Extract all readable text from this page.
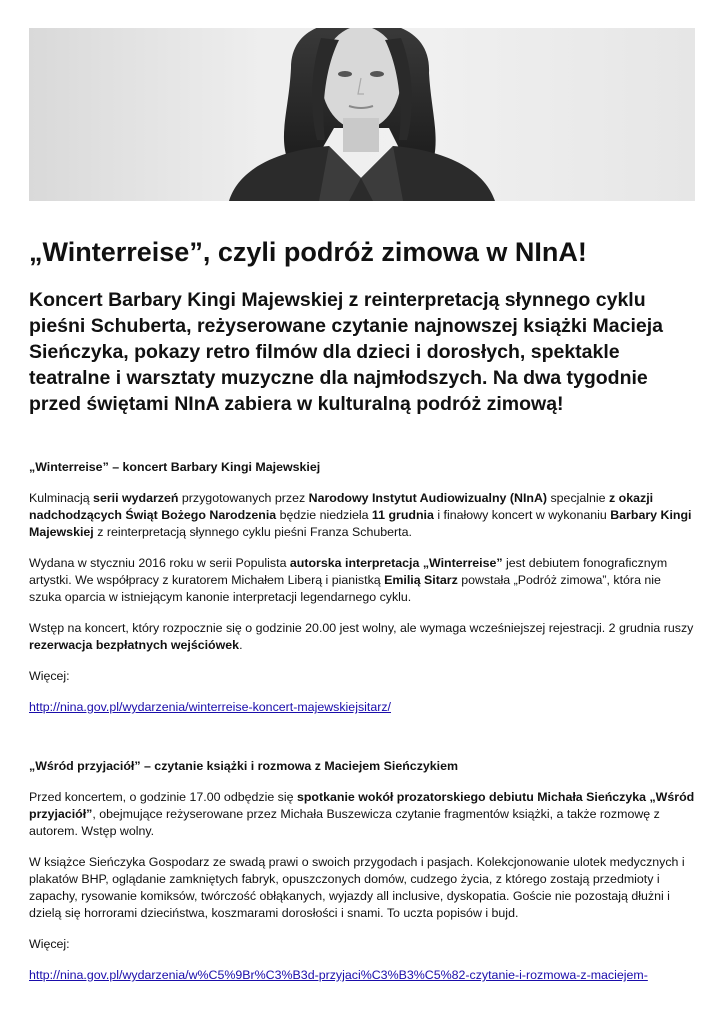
„Winterreise”, czyli podróż zimowa w NInA!
Koncert Barbary Kingi Majewskiej z reinterpretacją słynnego cyklu pieśni Schuberta, reżyserowane czytanie najnowszej książki Macieja Sieńczyka, pokazy retro filmów dla dzieci i dorosłych, spektakle teatralne i warsztaty muzyczne dla najmłodszych. Na dwa tygodnie przed świętami NInA zabiera w kulturalną podróż zimową!

„Winterreise” – koncert Barbary Kingi Majewskiej

Kulminacją serii wydarzeń przygotowanych przez Narodowy Instytut Audiowizualny (NInA) specjalnie z okazji nadchodzących Świąt Bożego Narodzenia będzie niedziela 11 grudnia i finałowy koncert w wykonaniu Barbary Kingi Majewskiej z reinterpretacją słynnego cyklu pieśni Franza Schuberta.

Wydana w styczniu 2016 roku w serii Populista autorska interpretacja „Winterreise” jest debiutem fonograficznym artystki. We współpracy z kuratorem Michałem Liberą i pianistką Emilią Sitarz powstała „Podróż zimowa”, która nie szuka oparcia w istniejącym kanonie interpretacji legendarnego cyklu.

Wstęp na koncert, który rozpocznie się o godzinie 20.00 jest wolny, ale wymaga wcześniejszej rejestracji. 2 grudnia ruszy rezerwacja bezpłatnych wejściówek.

Więcej:

http://nina.gov.pl/wydarzenia/winterreise-koncert-majewskiejsitarz/

„Wśród przyjaciół” – czytanie książki i rozmowa z Maciejem Sieńczykiem

Przed koncertem, o godzinie 17.00 odbędzie się spotkanie wokół prozatorskiego debiutu Michała Sieńczyka „Wśród przyjaciół”, obejmujące reżyserowane przez Michała Buszewicza czytanie fragmentów książki, a także rozmowę z autorem. Wstęp wolny.

W książce Sieńczyka Gospodarz ze swadą prawi o swoich przygodach i pasjach. Kolekcjonowanie ulotek medycznych i plakatów BHP, oglądanie zamkniętych fabryk, opuszczonych domów, cudzego życia, z którego zostają przedmioty i zapachy, rysowanie komiksów, twórczość obłąkanych, wyjazdy all inclusive, dyskopatia. Goście nie pozostają dłużni i dzielą się horrorami dzieciństwa, koszmarami dorosłości i snami. To uczta popisów i bujd.

Więcej:

http://nina.gov.pl/wydarzenia/w%C5%9Br%C3%B3d-przyjaci%C3%B3%C5%82-czytanie-i-rozmowa-z-maciejem-
